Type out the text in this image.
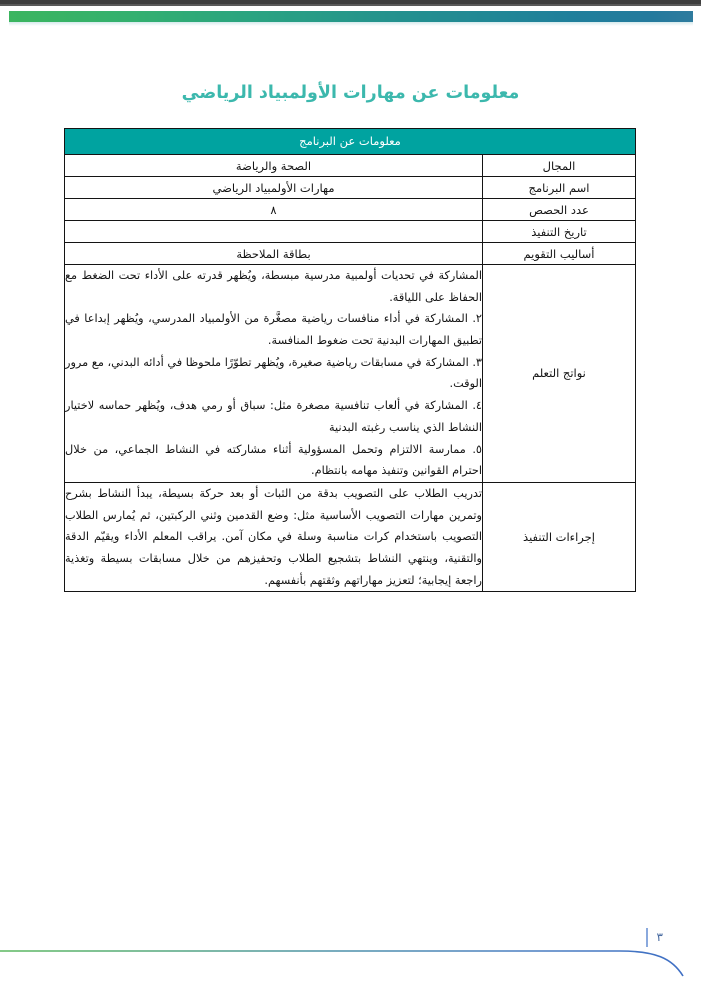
معلومات عن مهارات الأولمبياد الرياضي
معلومات عن البرنامج	
المجال	الصحة والرياضة
اسم البرنامج	مهارات الأولمبياد الرياضي
عدد الحصص	٨
تاريخ التنفيذ	
أساليب التقويم	بطاقة الملاحظة
نواتج التعلم	المشاركة في تحديات أولمبية مدرسية مبسطة، ويُظهر قدرته على الأداء تحت الضغط مع الحفاظ على اللياقة.

٢. المشاركة في أداء منافسات رياضية مصغَّرة من الأولمبياد المدرسي، ويُظهر إبداعا في تطبيق المهارات البدنية تحت ضغوط المنافسة.

٣. المشاركة في مسابقات رياضية صغيرة، ويُظهر تطوّرًا ملحوظا في أدائه البدني، مع مرور الوقت.

٤. المشاركة في ألعاب تنافسية مصغرة مثل: سباق أو رمي هدف، ويُظهر حماسه لاختيار النشاط الذي يناسب رغبته البدنية

٥. ممارسة الالتزام وتحمل المسؤولية أثناء مشاركته في النشاط الجماعي، من خلال احترام القوانين وتنفيذ مهامه بانتظام.

إجراءات التنفيذ	تدريب الطلاب على التصويب بدقة من الثبات أو بعد حركة بسيطة، يبدأ النشاط بشرح وتمرين مهارات التصويب الأساسية مثل: وضع القدمين وثني الركبتين، ثم يُمارس الطلاب التصويب باستخدام كرات مناسبة وسلة في مكان آمن. يراقب المعلم الأداء ويقيّم الدقة والتقنية، وينتهي النشاط بتشجيع الطلاب وتحفيزهم من خلال مسابقات بسيطة وتغذية راجعة إيجابية؛ لتعزيز مهاراتهم وثقتهم بأنفسهم.

٣
